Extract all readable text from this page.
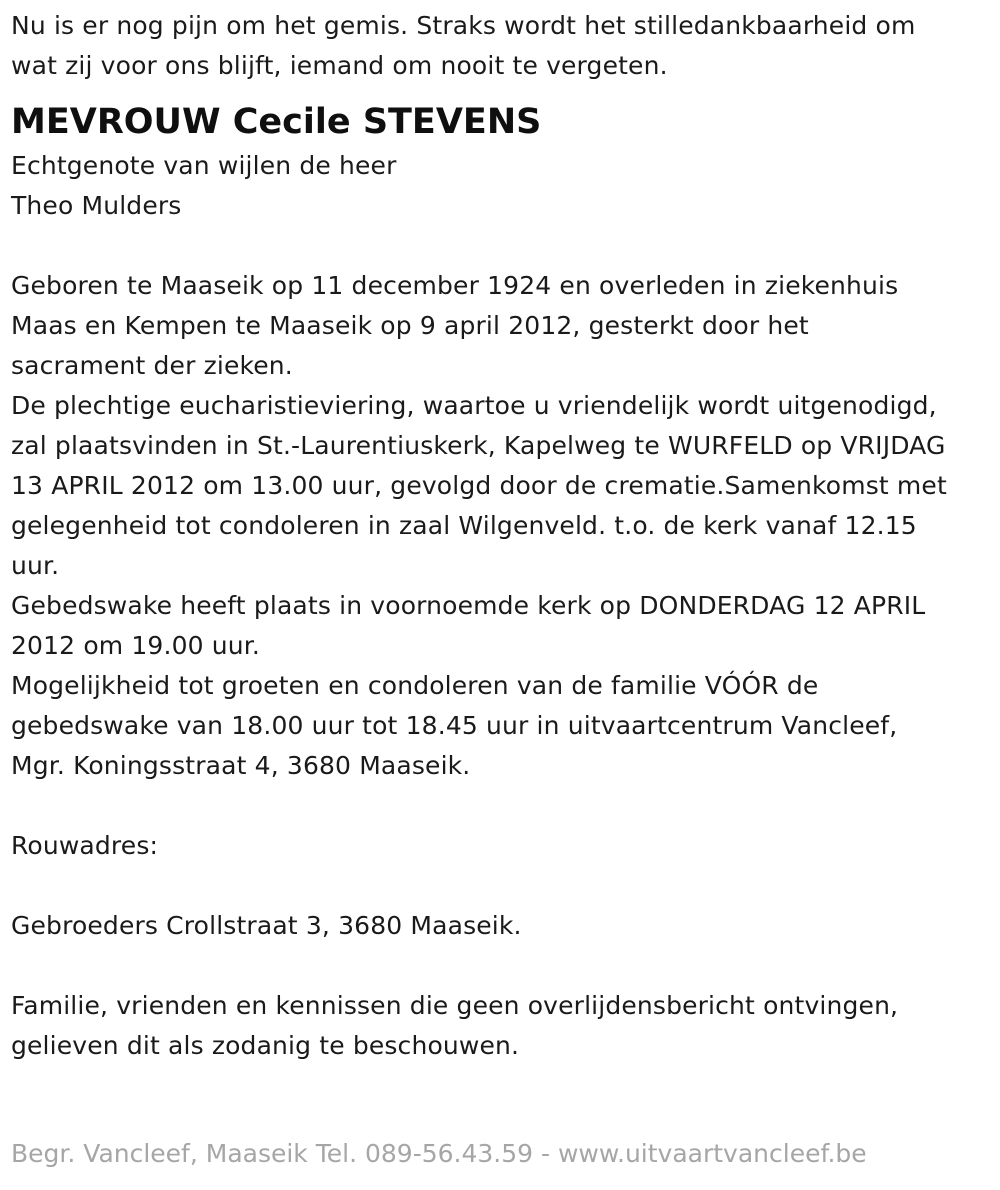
Nu is er nog pijn om het gemis. Straks wordt het stilledankbaarheid om
wat zij voor ons blijft, iemand om nooit te vergeten.
MEVROUW Cecile STEVENS
Echtgenote van wijlen de heer
Theo Mulders
Geboren te Maaseik op 11 december 1924 en overleden in ziekenhuis
Maas en Kempen te Maaseik op 9 april 2012, gesterkt door het
sacrament der zieken.
De plechtige eucharistieviering, waartoe u vriendelijk wordt uitgenodigd,
zal plaatsvinden in St.-Laurentiuskerk, Kapelweg te WURFELD op VRIJDAG
13 APRIL 2012 om 13.00 uur, gevolgd door de crematie.Samenkomst met
gelegenheid tot condoleren in zaal Wilgenveld. t.o. de kerk vanaf 12.15
uur.
Gebedswake heeft plaats in voornoemde kerk op DONDERDAG 12 APRIL
2012 om 19.00 uur.
Mogelijkheid tot groeten en condoleren van de familie VÓÓR de
gebedswake van 18.00 uur tot 18.45 uur in uitvaartcentrum Vancleef,
Mgr. Koningsstraat 4, 3680 Maaseik.
Rouwadres:
Gebroeders Crollstraat 3, 3680 Maaseik.
Familie, vrienden en kennissen die geen overlijdensbericht ontvingen,
gelieven dit als zodanig te beschouwen.
Begr. Vancleef, Maaseik Tel. 089-56.43.59 - www.uitvaartvancleef.be
